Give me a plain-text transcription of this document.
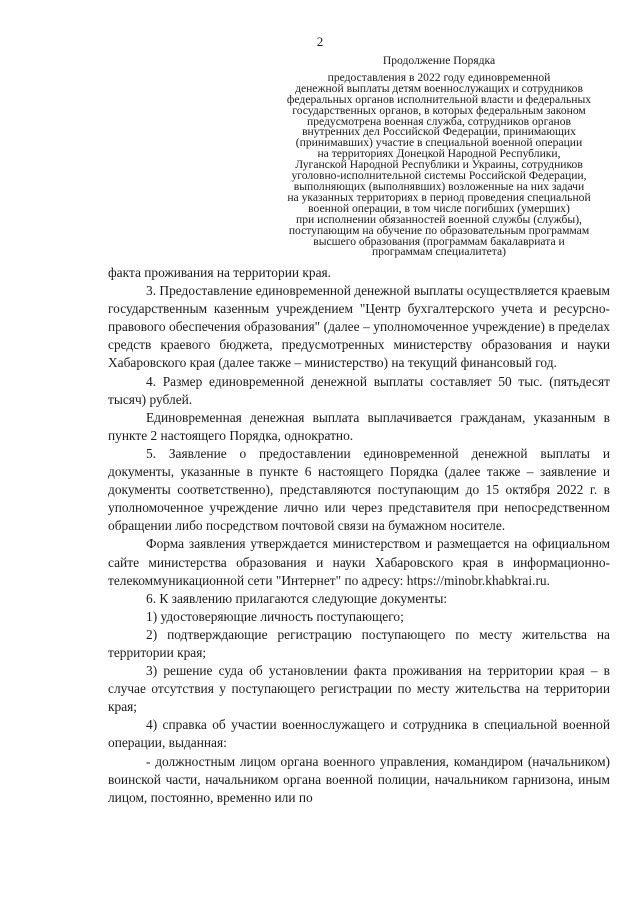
2
Продолжение Порядка
предоставления в 2022 году единовременной
денежной выплаты детям военнослужащих и сотрудников
федеральных органов исполнительной власти и федеральных
государственных органов, в которых федеральным законом
предусмотрена военная служба, сотрудников органов
внутренних дел Российской Федерации, принимающих
(принимавших) участие в специальной военной операции
на территориях Донецкой Народной Республики,
Луганской Народной Республики и Украины, сотрудников
уголовно-исполнительной системы Российской Федерации,
выполняющих (выполнявших) возложенные на них задачи
на указанных территориях в период проведения специальной
военной операции, в том числе погибших (умерших)
при исполнении обязанностей военной службы (службы),
поступающим на обучение по образовательным программам
высшего образования (программам бакалавриата и
программам специалитета)

факта проживания на территории края.

3. Предоставление единовременной денежной выплаты осуществляется краевым государственным казенным учреждением "Центр бухгалтерского учета и ресурсно-правового обеспечения образования" (далее – уполномоченное учреждение) в пределах средств краевого бюджета, предусмотренных министерству образования и науки Хабаровского края (далее также – министерство) на текущий финансовый год.

4. Размер единовременной денежной выплаты составляет 50 тыс. (пятьдесят тысяч) рублей.

Единовременная денежная выплата выплачивается гражданам, указанным в пункте 2 настоящего Порядка, однократно.

5. Заявление о предоставлении единовременной денежной выплаты и документы, указанные в пункте 6 настоящего Порядка (далее также – заявление и документы соответственно), представляются поступающим до 15 октября 2022 г. в уполномоченное учреждение лично или через представителя при непосредственном обращении либо посредством почтовой связи на бумажном носителе.

Форма заявления утверждается министерством и размещается на официальном сайте министерства образования и науки Хабаровского края в информационно-телекоммуникационной сети "Интернет" по адресу: https://minobr.khabkrai.ru.

6. К заявлению прилагаются следующие документы:

1) удостоверяющие личность поступающего;

2) подтверждающие регистрацию поступающего по месту жительства на территории края;

3) решение суда об установлении факта проживания на территории края – в случае отсутствия у поступающего регистрации по месту жительства на территории края;

4) справка об участии военнослужащего и сотрудника в специальной военной операции, выданная:

- должностным лицом органа военного управления, командиром (начальником) воинской части, начальником органа военной полиции, начальником гарнизона, иным лицом, постоянно, временно или по
